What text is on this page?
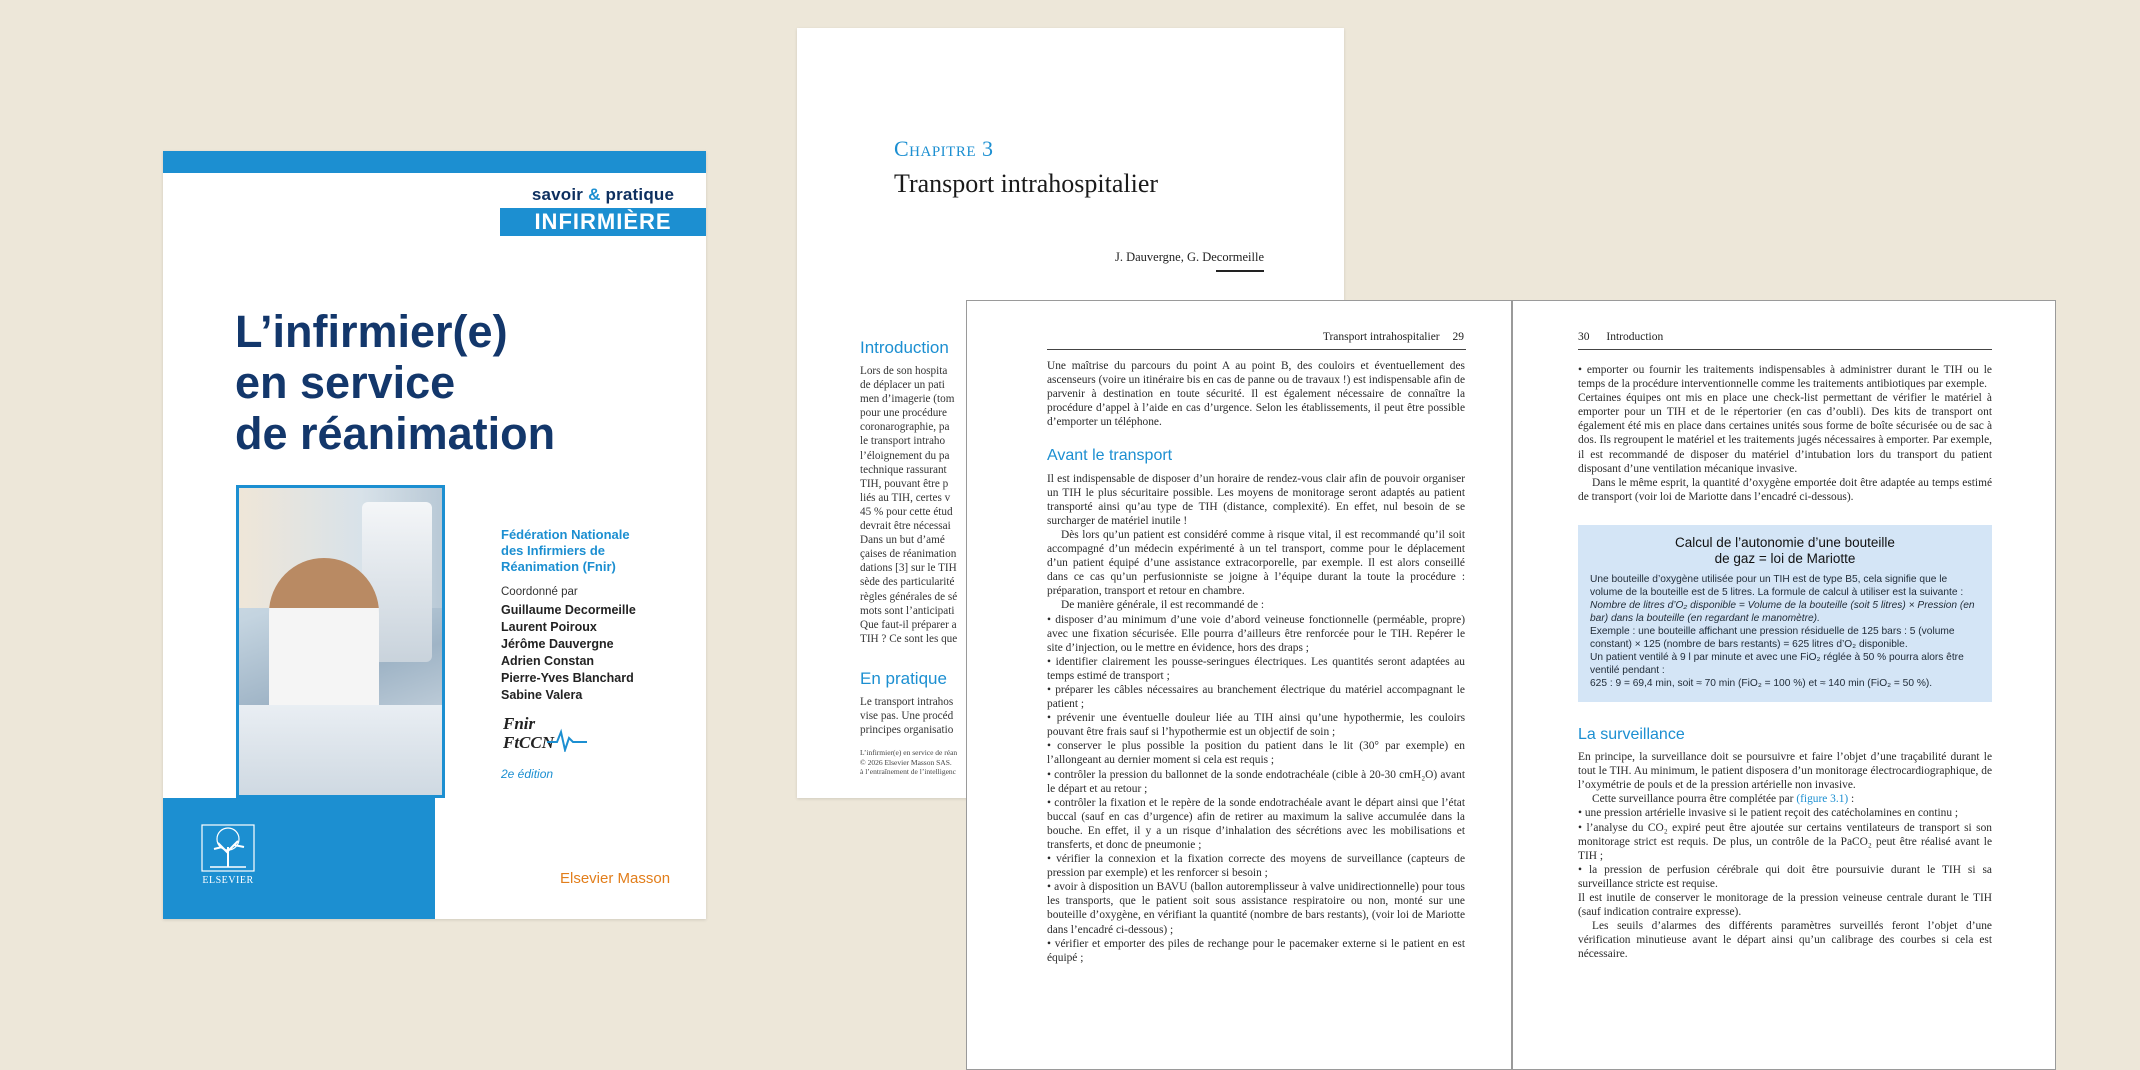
savoir & pratique
INFIRMIÈRE
L’infirmier(e)
en service
de réanimation
Fédération Nationale
des Infirmiers de
Réanimation (Fnir)
Coordonné par
Guillaume Decormeille
Laurent Poiroux
Jérôme Dauvergne
Adrien Constan
Pierre-Yves Blanchard
Sabine Valera
Fnir
FtCCN
2e édition
ELSEVIER	Elsevier Masson
Chapitre 3
Transport intrahospitalier
J. Dauvergne, G. Decormeille
Introduction
Lors de son hospita
de déplacer un pati
men d’imagerie (tom
pour une procédure
coronarographie, pa
le transport intraho
l’éloignement du pa
technique rassurant
TIH, pouvant être p
liés au TIH, certes v
45 % pour cette étud
devrait être nécessai
Dans un but d’amé
çaises de réanimation
dations [3] sur le TIH
sède des particularité
règles générales de sé
mots sont l’anticipati
Que faut-il préparer a
TIH ? Ce sont les que
En pratique
Le transport intrahos
vise pas. Une procéd
principes organisatio
L’infirmier(e) en service de réan
© 2026 Elsevier Masson SAS.
à l’entraînement de l’intelligenc
Transport intrahospitalier 29

Une maîtrise du parcours du point A au point B, des couloirs et éventuellement des ascenseurs (voire un itinéraire bis en cas de panne ou de travaux !) est indispensable afin de parvenir à destination en toute sécurité. Il est également nécessaire de connaître la procédure d’appel à l’aide en cas d’urgence. Selon les établissements, il peut être possible d’emporter un téléphone.

Avant le transport

Il est indispensable de disposer d’un horaire de rendez-vous clair afin de pouvoir organiser un TIH le plus sécuritaire possible. Les moyens de monitorage seront adaptés au patient transporté ainsi qu’au type de TIH (distance, complexité). En effet, nul besoin de se surcharger de matériel inutile !

Dès lors qu’un patient est considéré comme à risque vital, il est recommandé qu’il soit accompagné d’un médecin expérimenté à un tel transport, comme pour le déplacement d’un patient équipé d’une assistance extracorporelle, par exemple. Il est alors conseillé dans ce cas qu’un perfusionniste se joigne à l’équipe durant la toute la procédure : préparation, transport et retour en chambre.

De manière générale, il est recommandé de :

• disposer d’au minimum d’une voie d’abord veineuse fonctionnelle (perméable, propre) avec une fixation sécurisée. Elle pourra d’ailleurs être renforcée pour le TIH. Repérer le site d’injection, ou le mettre en évidence, hors des draps ;

• identifier clairement les pousse-seringues électriques. Les quantités seront adaptées au temps estimé de transport ;

• préparer les câbles nécessaires au branchement électrique du matériel accompagnant le patient ;

• prévenir une éventuelle douleur liée au TIH ainsi qu’une hypothermie, les couloirs pouvant être frais sauf si l’hypothermie est un objectif de soin ;

• conserver le plus possible la position du patient dans le lit (30° par exemple) en l’allongeant au dernier moment si cela est requis ;

• contrôler la pression du ballonnet de la sonde endotrachéale (cible à 20-30 cmH₂O) avant le départ et au retour ;

• contrôler la fixation et le repère de la sonde endotrachéale avant le départ ainsi que l’état buccal (sauf en cas d’urgence) afin de retirer au maximum la salive accumulée dans la bouche. En effet, il y a un risque d’inhalation des sécrétions avec les mobilisations et transferts, et donc de pneumonie ;

• vérifier la connexion et la fixation correcte des moyens de surveillance (capteurs de pression par exemple) et les renforcer si besoin ;

• avoir à disposition un BAVU (ballon autoremplisseur à valve unidirectionnelle) pour tous les transports, que le patient soit sous assistance respiratoire ou non, monté sur une bouteille d’oxygène, en vérifiant la quantité (nombre de bars restants), (voir loi de Mariotte dans l’encadré ci-dessous) ;

• vérifier et emporter des piles de rechange pour le pacemaker externe si le patient en est équipé ;

30 Introduction

• emporter ou fournir les traitements indispensables à administrer durant le TIH ou le temps de la procédure interventionnelle comme les traitements antibiotiques par exemple.

Certaines équipes ont mis en place une check-list permettant de vérifier le matériel à emporter pour un TIH et de le répertorier (en cas d’oubli). Des kits de transport ont également été mis en place dans certaines unités sous forme de boîte sécurisée ou de sac à dos. Ils regroupent le matériel et les traitements jugés nécessaires à emporter. Par exemple, il est recommandé de disposer du matériel d’intubation lors du transport du patient disposant d’une ventilation mécanique invasive.

Dans le même esprit, la quantité d’oxygène emportée doit être adaptée au temps estimé de transport (voir loi de Mariotte dans l’encadré ci-dessous).

Calcul de l’autonomie d’une bouteille
de gaz = loi de Mariotte
Une bouteille d’oxygène utilisée pour un TIH est de type B5, cela signifie que le volume de la bouteille est de 5 litres. La formule de calcul à utiliser est la suivante :
Nombre de litres d’O₂ disponible = Volume de la bouteille (soit 5 litres) × Pression (en bar) dans la bouteille (en regardant le manomètre).
Exemple : une bouteille affichant une pression résiduelle de 125 bars : 5 (volume constant) × 125 (nombre de bars restants) = 625 litres d’O₂ disponible.
Un patient ventilé à 9 l par minute et avec une FiO₂ réglée à 50 % pourra alors être ventilé pendant :
625 : 9 = 69,4 min, soit ≈ 70 min (FiO₂ = 100 %) et ≈ 140 min (FiO₂ = 50 %).
La surveillance

En principe, la surveillance doit se poursuivre et faire l’objet d’une traçabilité durant le tout le TIH. Au minimum, le patient disposera d’un monitorage électrocardiographique, de l’oxymétrie de pouls et de la pression artérielle non invasive.

Cette surveillance pourra être complétée par (figure 3.1) :

• une pression artérielle invasive si le patient reçoit des catécholamines en continu ;

• l’analyse du CO₂ expiré peut être ajoutée sur certains ventilateurs de transport si son monitorage strict est requis. De plus, un contrôle de la PaCO₂ peut être réalisé avant le TIH ;

• la pression de perfusion cérébrale qui doit être poursuivie durant le TIH si sa surveillance stricte est requise.

Il est inutile de conserver le monitorage de la pression veineuse centrale durant le TIH (sauf indication contraire expresse).

Les seuils d’alarmes des différents paramètres surveillés feront l’objet d’une vérification minutieuse avant le départ ainsi qu’un calibrage des courbes si cela est nécessaire.
